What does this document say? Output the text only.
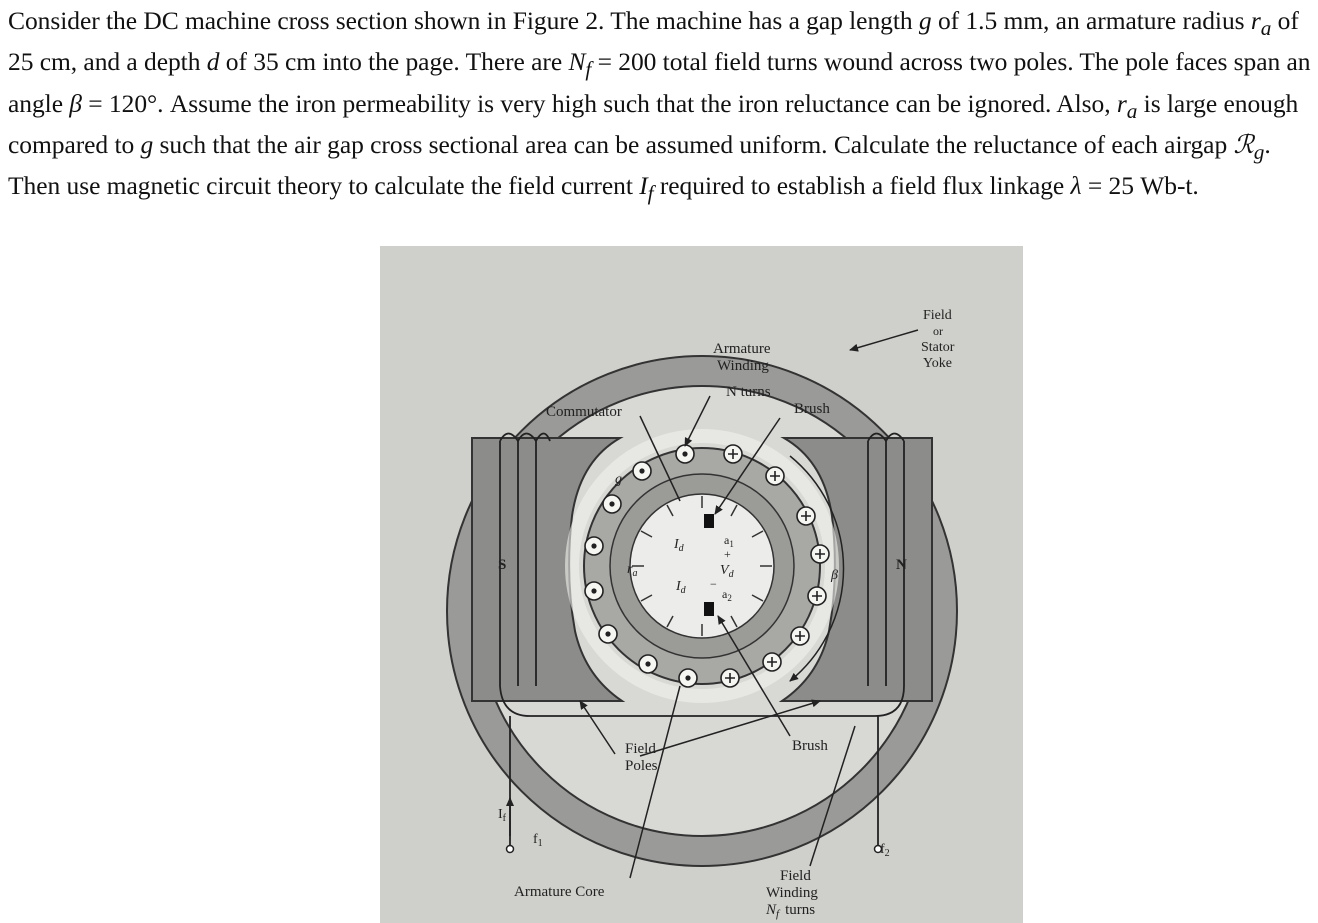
Consider the DC machine cross section shown in Figure 2. The machine has a gap length g of 1.5 mm, an armature radius $r_a$ of 25 cm, and a depth d of 35 cm into the page. There are $N_f = 200$ total field turns wound across two poles. The pole faces span an angle β = 120°. Assume the iron permeability is very high such that the iron reluctance can be ignored. Also, $r_a$ is large enough compared to g such that the air gap cross sectional area can be assumed uniform. Calculate the reluctance of each airgap ℛ$_g$. Then use magnetic circuit theory to calculate the field current $I_f$ required to establish a field flux linkage λ = 25 Wb-t.

Field
or
Stator
Yoke
Armature
Winding
N turns
Commutator	Brush
S	N
g
$r_a$	β
$I_d$
$a_1$
+
$V_d$
$I_d$	$a_2$
−
Field
Poles
Brush
Armature Core
Field
Winding
$N_f$ turns
$I_f$
$f_1$	$f_2$
